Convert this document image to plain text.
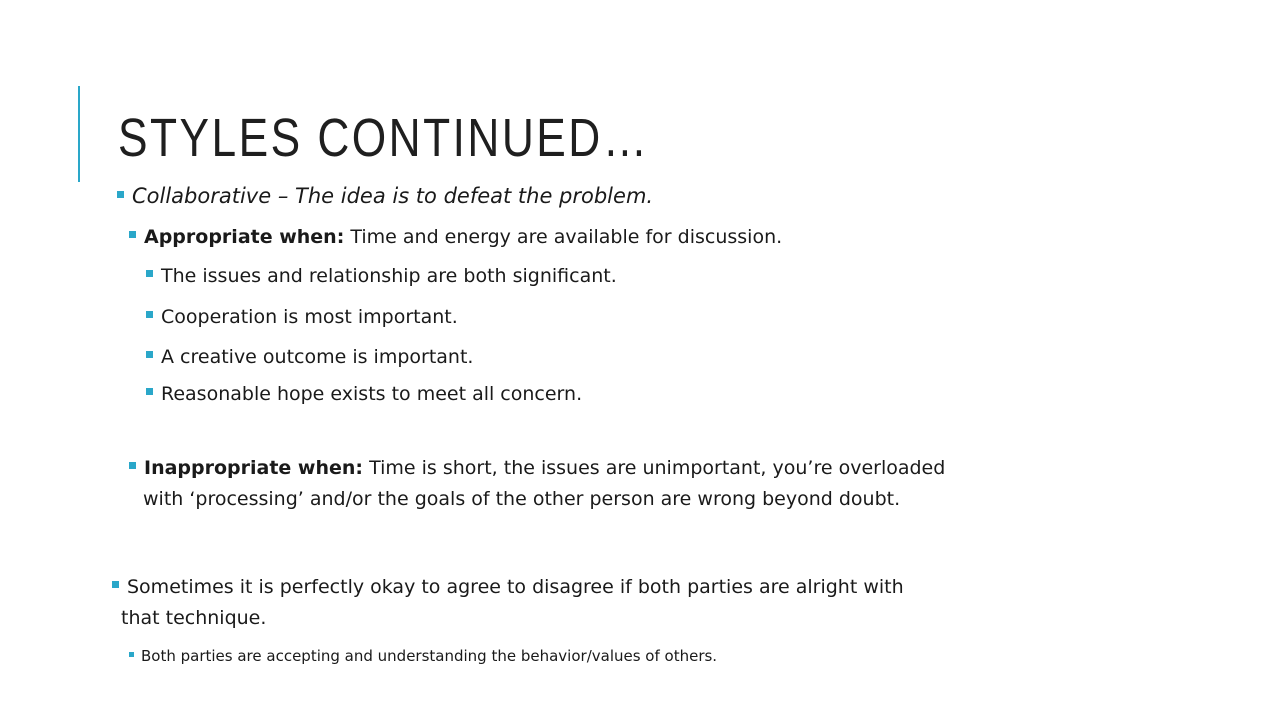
STYLES CONTINUED…
Collaborative – The idea is to defeat the problem.
Appropriate when: Time and energy are available for discussion.
The issues and relationship are both significant.
Cooperation is most important.
A creative outcome is important.
Reasonable hope exists to meet all concern.
Inappropriate when: Time is short, the issues are unimportant, you’re overloaded
with ‘processing’ and/or the goals of the other person are wrong beyond doubt.
Sometimes it is perfectly okay to agree to disagree if both parties are alright with
that technique.
Both parties are accepting and understanding the behavior/values of others.
